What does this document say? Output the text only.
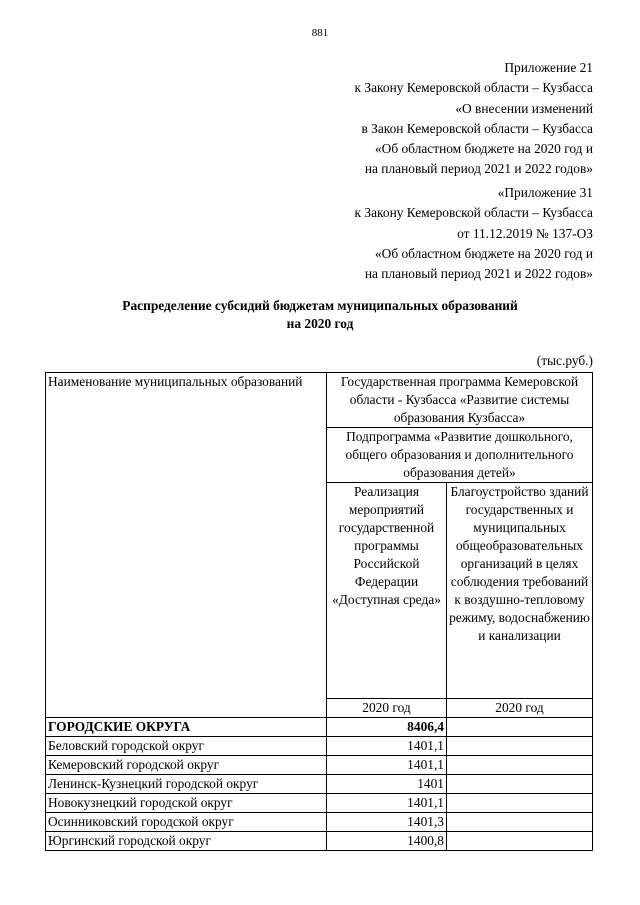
881
Приложение 21
к Закону Кемеровской области – Кузбасса
«О внесении изменений
в Закон Кемеровской области – Кузбасса
«Об областном бюджете на 2020 год и
на плановый период 2021 и 2022 годов»
«Приложение 31
к Закону Кемеровской области – Кузбасса
от 11.12.2019 № 137-ОЗ
«Об областном бюджете на 2020 год и
на плановый период 2021 и 2022 годов»
Распределение субсидий бюджетам муниципальных образований
на 2020 год
(тыс.руб.)
Наименование муниципальных образований	Государственная программа Кемеровской области - Кузбасса «Развитие системы образования Кузбасса»	
	Подпрограмма «Развитие дошкольного, общего образования и дополнительного образования детей»	
	Реализация мероприятий государственной программы Российской Федерации «Доступная среда»	Благоустройство зданий государственных и муниципальных общеобразовательных организаций в целях соблюдения требований к воздушно-тепловому режиму, водоснабжению и канализации
	2020 год	2020 год
ГОРОДСКИЕ ОКРУГА	8406,4	
Беловский городской округ	1401,1	
Кемеровский городской округ	1401,1	
Ленинск-Кузнецкий городской округ	1401	
Новокузнецкий городской округ	1401,1	
Осинниковский городской округ	1401,3	
Юргинский городской округ	1400,8	
